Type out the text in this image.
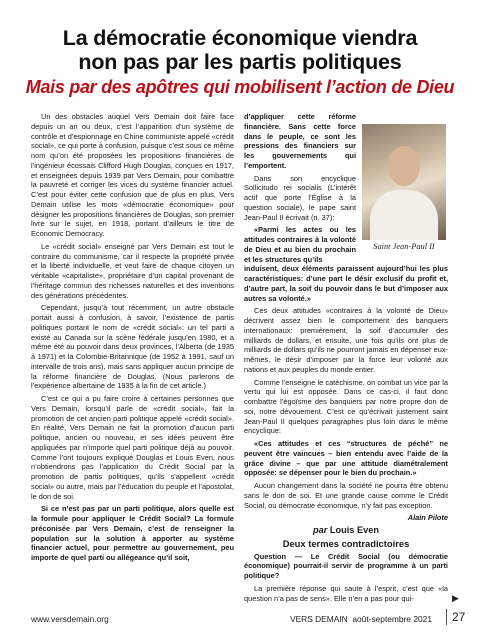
La démocratie économique viendra
non pas par les partis politiques
Mais par des apôtres qui mobilisent l’action de Dieu

Un des obstacles auquel Vers Demain doit faire face depuis un an ou deux, c’est l’apparition d’un système de contrôle et d’espionnage en Chine communiste appelé «crédit social», ce qui porte à confusion, puisque c’est sous ce même nom qu’on été proposées les propositions financières de l’ingénieur écossais Clifford Hugh Douglas, conçues en 1917, et enseignées depuis 1939 par Vers Demain, pour combattre la pauvreté et corriger les vices du système financier actuel. C’est pour éviter cette confusion que de plus en plus, Vers Demain utilise les mots «démocratie économique» pour désigner les propositions financières de Douglas, son premier livre sur le sujet, en 1918, portant d’ailleurs le titre de Economic Democracy.

Le «crédit social» enseigné par Vers Demain est tout le contraire du communisme, car il respecte la propriété privée et la liberté individuelle, et veut faire de chaque citoyen un véritable «capitaliste», propriétaire d’un capital provenant de l’héritage commun des richesses naturelles et des inventions des générations précédentes.

Cependant, jusqu’à tout récemment, un autre obstacle portait aussi à confusion, à savoir, l’existence de partis politiques portant le nom de «crédit social»: un tel parti a existé au Canada sur la scène fédérale jusqu’en 1980, et a même été au pouvoir dans deux provinces, l’Alberta (de 1935 à 1971) et la Colombie-Britannique (de 1952 à 1991, sauf un intervalle de trois ans), mais sans appliquer aucun principe de la réforme financière de Douglas. (Nous parlerons de l’expérience albertaine de 1935 à la fin de cet article.)

C’est ce qui a pu faire croire à certaines personnes que Vers Demain, lorsqu’il parle de «crédit social», fait la promotion de cet ancien parti politique appelé «crédit social». En réalité, Vers Demain ne fait la promotion d’aucun parti politique, ancien ou nouveau, et ses idées peuvent être appliquées par n’importe quel parti politique déjà au pouvoir. Comme l’ont toujours expliqué Douglas et Louis Even, nous n’obtiendrons pas l’application du Crédit Social par la promotion de partis politiques, qu’ils s’appellent «crédit social» ou autre, mais par l’éducation du peuple et l’apostolat, le don de soi.

Si ce n’est pas par un parti politique, alors quelle est la formule pour appliquer le Crédit Social? La formule préconisée par Vers Demain, c’est de renseigner la population sur la solution à apporter au système financier actuel, pour permettre au gouvernement, peu importe de quel parti ou allégeance qu’il soit,

d’appliquer cette réforme financière. Sans cette force dans le peuple, ce sont les pressions des financiers sur les gouvernements qui l’emportent.

Dans son encyclique Sollicitudo rei socialis (L’intérêt actif que porte l’Église à la question sociale), le pape saint Jean-Paul II écrivait (n. 37):

«Parmi les actes ou les attitudes contraires à la volonté de Dieu et au bien du prochain et les structures qu’ils

induisent, deux éléments paraissent aujourd’hui les plus caractéristiques: d’une part le désir exclusif du profit et, d’autre part, la soif du pouvoir dans le but d’imposer aux autres sa volonté.»

Ces deux attitudes «contraires à la volonté de Dieu» décrivent assez bien le comportement des banquiers internationaux: premièrement, la soif d’accumuler des milliards de dollars, et ensuite, une fois qu’ils ont plus de milliards de dollars qu’ils ne pourront jamais en dépenser eux-mêmes, le désir d’imposer par la force leur volonté aux nations et aux peuples du monde entier.

Comme l’enseigne le catéchisme, on combat un vice par la vertu qui lui est opposée. Dans ce cas-ci, il faut donc combattre l’égoïsme des banquiers par notre propre don de soi, notre dévouement. C’est ce qu’écrivait justement saint Jean-Paul II quelques paragraphes plus loin dans le même encyclique:

«Ces attitudes et ces “structures de péché” ne peuvent être vaincues – bien entendu avec l’aide de la grâce divine – que par une attitude diamétralement opposée: se dépenser pour le bien du prochain.»

Aucun changement dans la société ne pourra être obtenu sans le don de soi. Et une grande cause comme le Crédit Social, ou démocratie économique, n’y fait pas exception.

Alain Pilote

par Louis Even

Deux termes contradictoires

Question — Le Crédit Social (ou démocratie économique) pourrait-il servir de programme à un parti politique?

La première réponse qui saute à l’esprit, c’est que «la question n’a pas de sens». Elle n’en a pas pour qui-

Saint Jean-Paul II
▶
www.versdemain.org	VERS DEMAIN  août-septembre 2021	27
